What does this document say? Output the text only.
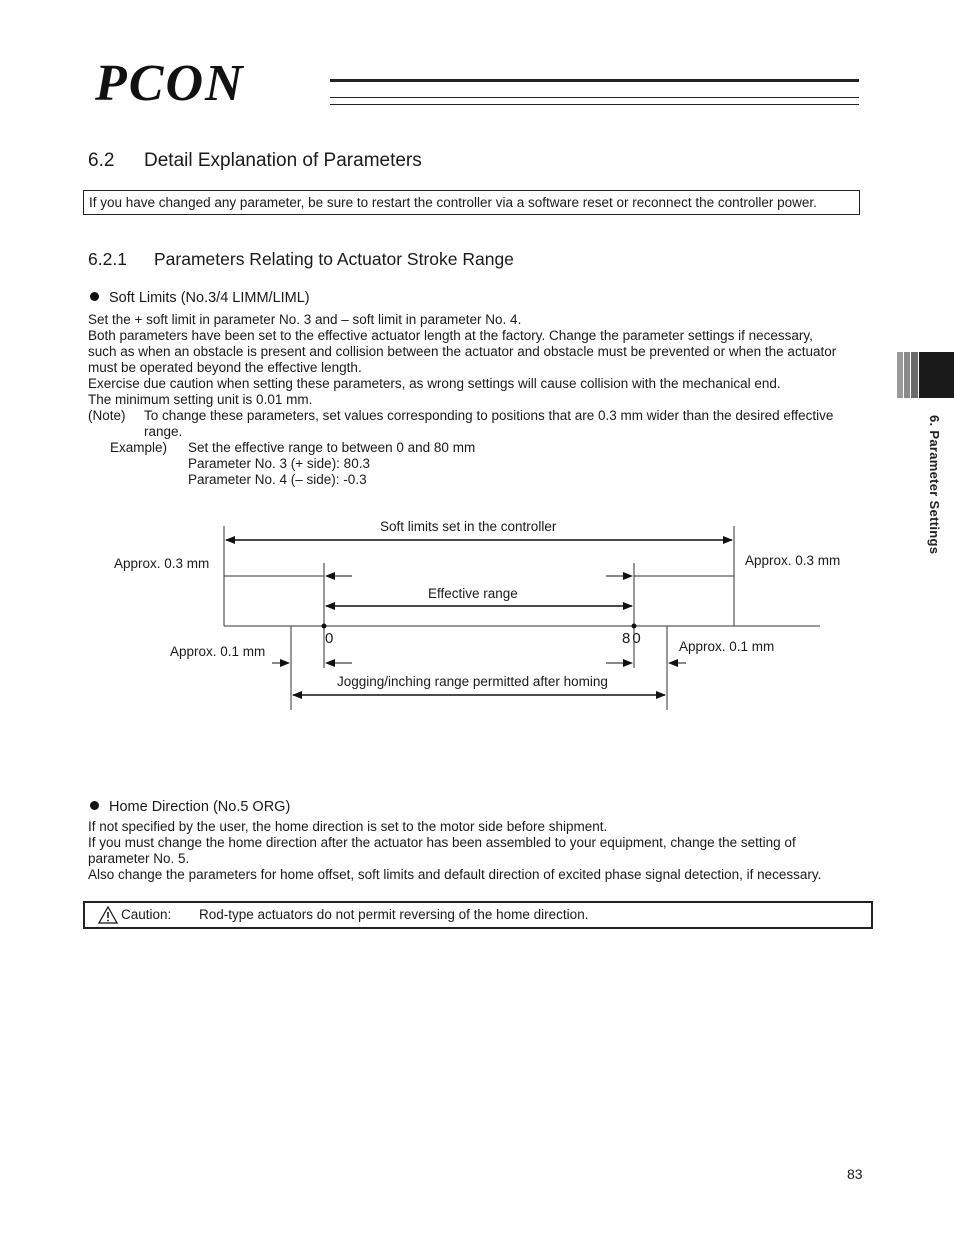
PCON
6.2 Detail Explanation of Parameters
If you have changed any parameter, be sure to restart the controller via a software reset or reconnect the controller power.
6.2.1 Parameters Relating to Actuator Stroke Range
Soft Limits (No.3/4 LIMM/LIML)

Set the + soft limit in parameter No. 3 and – soft limit in parameter No. 4.

Both parameters have been set to the effective actuator length at the factory. Change the parameter settings if necessary,

such as when an obstacle is present and collision between the actuator and obstacle must be prevented or when the actuator

must be operated beyond the effective length.

Exercise due caution when setting these parameters, as wrong settings will cause collision with the mechanical end.

The minimum setting unit is 0.01 mm.

(Note) To change these parameters, set values corresponding to positions that are 0.3 mm wider than the desired effective
range.
Example) Set the effective range to between 0 and 80 mm
Parameter No. 3 (+ side): 80.3
Parameter No. 4 (– side): -0.3
Soft limits set in the controller
Approx. 0.3 mm	Approx. 0.3 mm
Effective range
0	80
Approx. 0.1 mm	Approx. 0.1 mm
Jogging/inching range permitted after homing
Home Direction (No.5 ORG)

If not specified by the user, the home direction is set to the motor side before shipment.

If you must change the home direction after the actuator has been assembled to your equipment, change the setting of

parameter No. 5.

Also change the parameters for home offset, soft limits and default direction of excited phase signal detection, if necessary.

Caution: Rod-type actuators do not permit reversing of the home direction.
6. Parameter Settings
83
